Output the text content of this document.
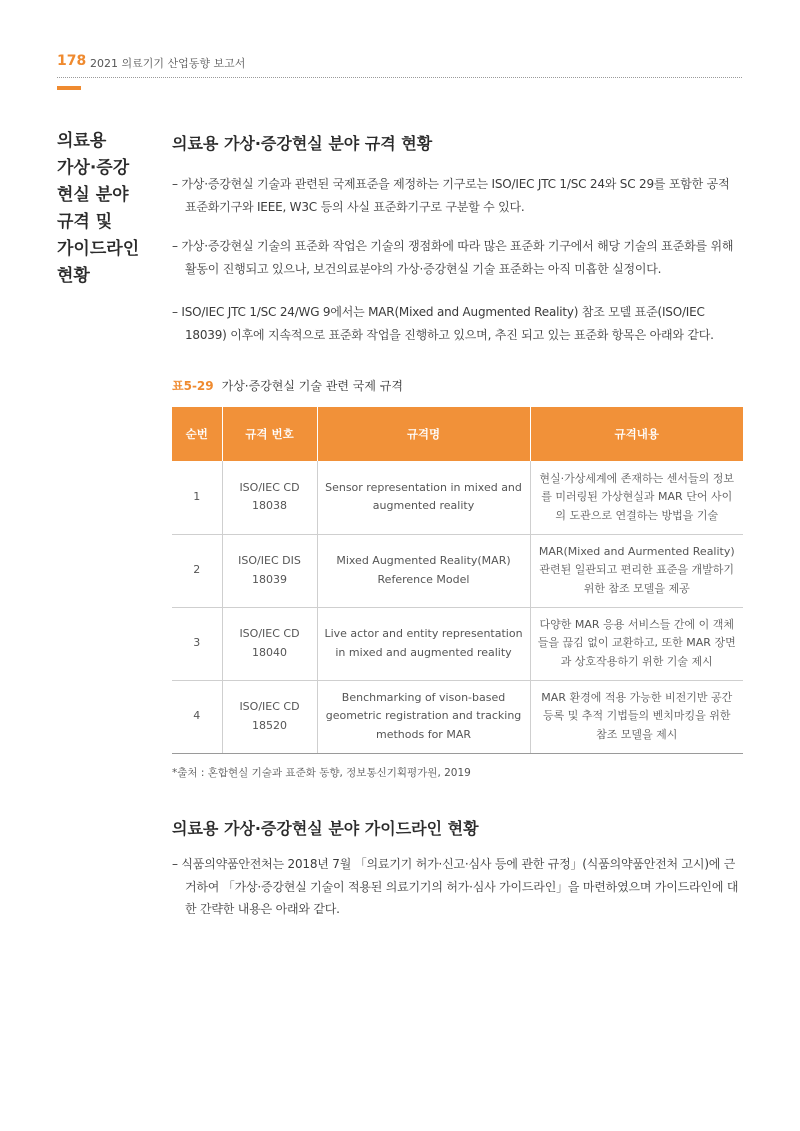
178 2021 의료기기 산업동향 보고서
의료용
가상·증강
현실 분야
규격 및
가이드라인
현황
의료용 가상·증강현실 분야 규격 현황
– 가상·증강현실 기술과 관련된 국제표준을 제정하는 기구로는 ISO/IEC JTC 1/SC 24와 SC 29를 포함한 공적 표준화기구와 IEEE, W3C 등의 사실 표준화기구로 구분할 수 있다.
– 가상·증강현실 기술의 표준화 작업은 기술의 쟁점화에 따라 많은 표준화 기구에서 해당 기술의 표준화를 위해 활동이 진행되고 있으나, 보건의료분야의 가상·증강현실 기술 표준화는 아직 미흡한 실정이다.
– ISO/IEC JTC 1/SC 24/WG 9에서는 MAR(Mixed and Augmented Reality) 참조 모델 표준(ISO/IEC 18039) 이후에 지속적으로 표준화 작업을 진행하고 있으며, 추진 되고 있는 표준화 항목은 아래와 같다.
표5-29 가상·증강현실 기술 관련 국제 규격
순번	규격 번호	규격명	규격내용
1	ISO/IEC CD 18038	Sensor representation in mixed and augmented reality	현실·가상세계에 존재하는 센서들의 정보를 미러링된 가상현실과 MAR 단어 사이의 도관으로 연결하는 방법을 기술
2	ISO/IEC DIS 18039	Mixed Augmented Reality(MAR) Reference Model	MAR(Mixed and Aurmented Reality) 관련된 일관되고 편리한 표준을 개발하기 위한 참조 모델을 제공
3	ISO/IEC CD 18040	Live actor and entity representation in mixed and augmented reality	다양한 MAR 응용 서비스들 간에 이 객체들을 끊김 없이 교환하고, 또한 MAR 장면과 상호작용하기 위한 기술 제시
4	ISO/IEC CD 18520	Benchmarking of vison-based geometric registration and tracking methods for MAR	MAR 환경에 적용 가능한 비전기반 공간 등록 및 추적 기법들의 벤치마킹을 위한 참조 모델을 제시
*출처 : 혼합현실 기술과 표준화 동향, 정보통신기획평가원, 2019
의료용 가상·증강현실 분야 가이드라인 현황
– 식품의약품안전처는 2018년 7월 「의료기기 허가·신고·심사 등에 관한 규정」(식품의약품안전처 고시)에 근거하여 「가상·증강현실 기술이 적용된 의료기기의 허가·심사 가이드라인」을 마련하였으며 가이드라인에 대한 간략한 내용은 아래와 같다.
